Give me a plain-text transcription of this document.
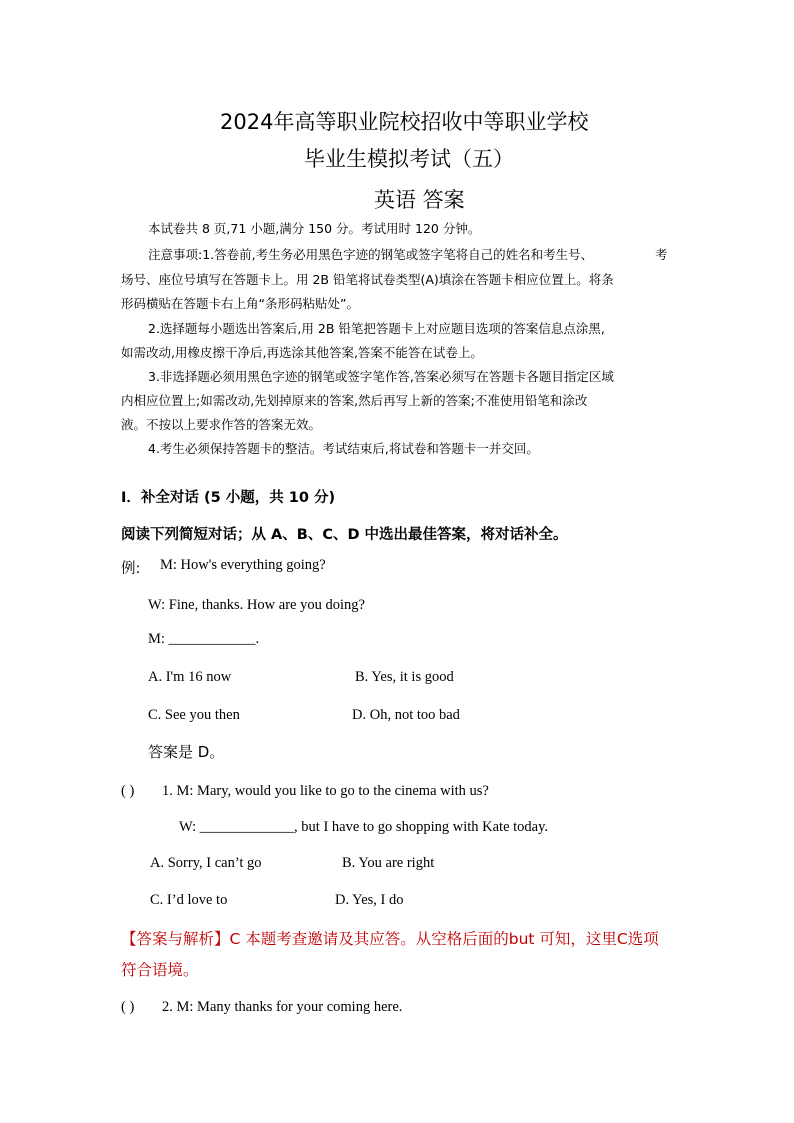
2024年高等职业院校招收中等职业学校
毕业生模拟考试（五）
英语 答案
本试卷共 8 页,71 小题,满分 150 分。考试用时 120 分钟。
注意事项:1.答卷前,考生务必用黑色字迹的钢笔或签字笔将自己的姓名和考生号、	考
场号、座位号填写在答题卡上。用 2B 铅笔将试卷类型(A)填涂在答题卡相应位置上。将条
形码横贴在答题卡右上角“条形码粘贴处”。
2.选择题每小题选出答案后,用 2B 铅笔把答题卡上对应题目选项的答案信息点涂黑,
如需改动,用橡皮擦干净后,再选涂其他答案,答案不能答在试卷上。
3.非选择题必须用黑色字迹的钢笔或签字笔作答,答案必须写在答题卡各题目指定区域
内相应位置上;如需改动,先划掉原来的答案,然后再写上新的答案;不准使用铅笔和涂改
液。不按以上要求作答的答案无效。
4.考生必须保持答题卡的整洁。考试结束后,将试卷和答题卡一并交回。
Ⅰ．补全对话 (5 小题，共 10 分)
阅读下列简短对话；从 A、B、C、D 中选出最佳答案，将对话补全。
例: M: How's everything going?
W: Fine, thanks. How are you doing?
M: ____________.
A. I'm 16 now	B. Yes, it is good
C. See you then	D. Oh, not too bad
答案是 D。
( ) 1. M: Mary, would you like to go to the cinema with us?
W: _____________, but I have to go shopping with Kate today.
A. Sorry, I can’t go	B. You are right
C. I’d love to	D. Yes, I do
【答案与解析】C 本题考查邀请及其应答。从空格后面的but 可知，这里C选项
符合语境。
( ) 2. M: Many thanks for your coming here.
